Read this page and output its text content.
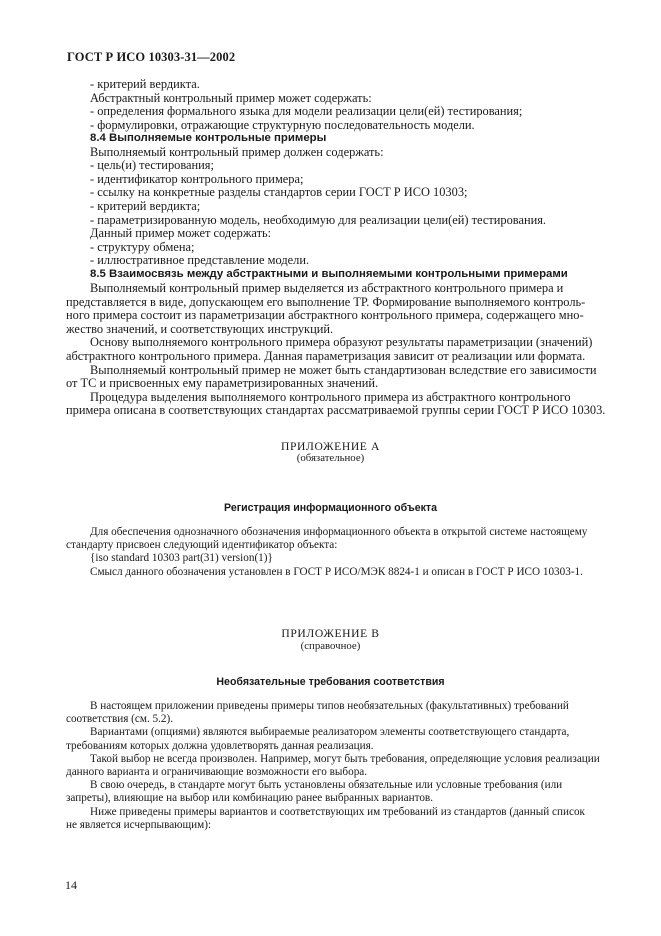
ГОСТ Р ИСО 10303-31—2002
- критерий вердикта.
Абстрактный контрольный пример может содержать:
- определения формального языка для модели реализации цели(ей) тестирования;
- формулировки, отражающие структурную последовательность модели.
8.4 Выполняемые контрольные примеры
Выполняемый контрольный пример должен содержать:
- цель(и) тестирования;
- идентификатор контрольного примера;
- ссылку на конкретные разделы стандартов серии ГОСТ Р ИСО 10303;
- критерий вердикта;
- параметризированную модель, необходимую для реализации цели(ей) тестирования.
Данный пример может содержать:
- структуру обмена;
- иллюстративное представление модели.
8.5 Взаимосвязь между абстрактными и выполняемыми контрольными примерами
Выполняемый контрольный пример выделяется из абстрактного контрольного примера и
представляется в виде, допускающем его выполнение ТР. Формирование выполняемого контроль-
ного примера состоит из параметризации абстрактного контрольного примера, содержащего мно-
жество значений, и соответствующих инструкций.
Основу выполняемого контрольного примера образуют результаты параметризации (значений)
абстрактного контрольного примера. Данная параметризация зависит от реализации или формата.
Выполняемый контрольный пример не может быть стандартизован вследствие его зависимости
от ТС и присвоенных ему параметризированных значений.
Процедура выделения выполняемого контрольного примера из абстрактного контрольного
примера описана в соответствующих стандартах рассматриваемой группы серии ГОСТ Р ИСО 10303.
ПРИЛОЖЕНИЕ А
(обязательное)
Регистрация информационного объекта
Для обеспечения однозначного обозначения информационного объекта в открытой системе настоящему
стандарту присвоен следующий идентификатор объекта:
{iso standard 10303 part(31) version(1)}
Смысл данного обозначения установлен в ГОСТ Р ИСО/МЭК 8824-1 и описан в ГОСТ Р ИСО 10303-1.
ПРИЛОЖЕНИЕ В
(справочное)
Необязательные требования соответствия
В настоящем приложении приведены примеры типов необязательных (факультативных) требований
соответствия (см. 5.2).
Вариантами (опциями) являются выбираемые реализатором элементы соответствующего стандарта,
требованиям которых должна удовлетворять данная реализация.
Такой выбор не всегда произволен. Например, могут быть требования, определяющие условия реализации
данного варианта и ограничивающие возможности его выбора.
В свою очередь, в стандарте могут быть установлены обязательные или условные требования (или
запреты), влияющие на выбор или комбинацию ранее выбранных вариантов.
Ниже приведены примеры вариантов и соответствующих им требований из стандартов (данный список
не является исчерпывающим):
14
